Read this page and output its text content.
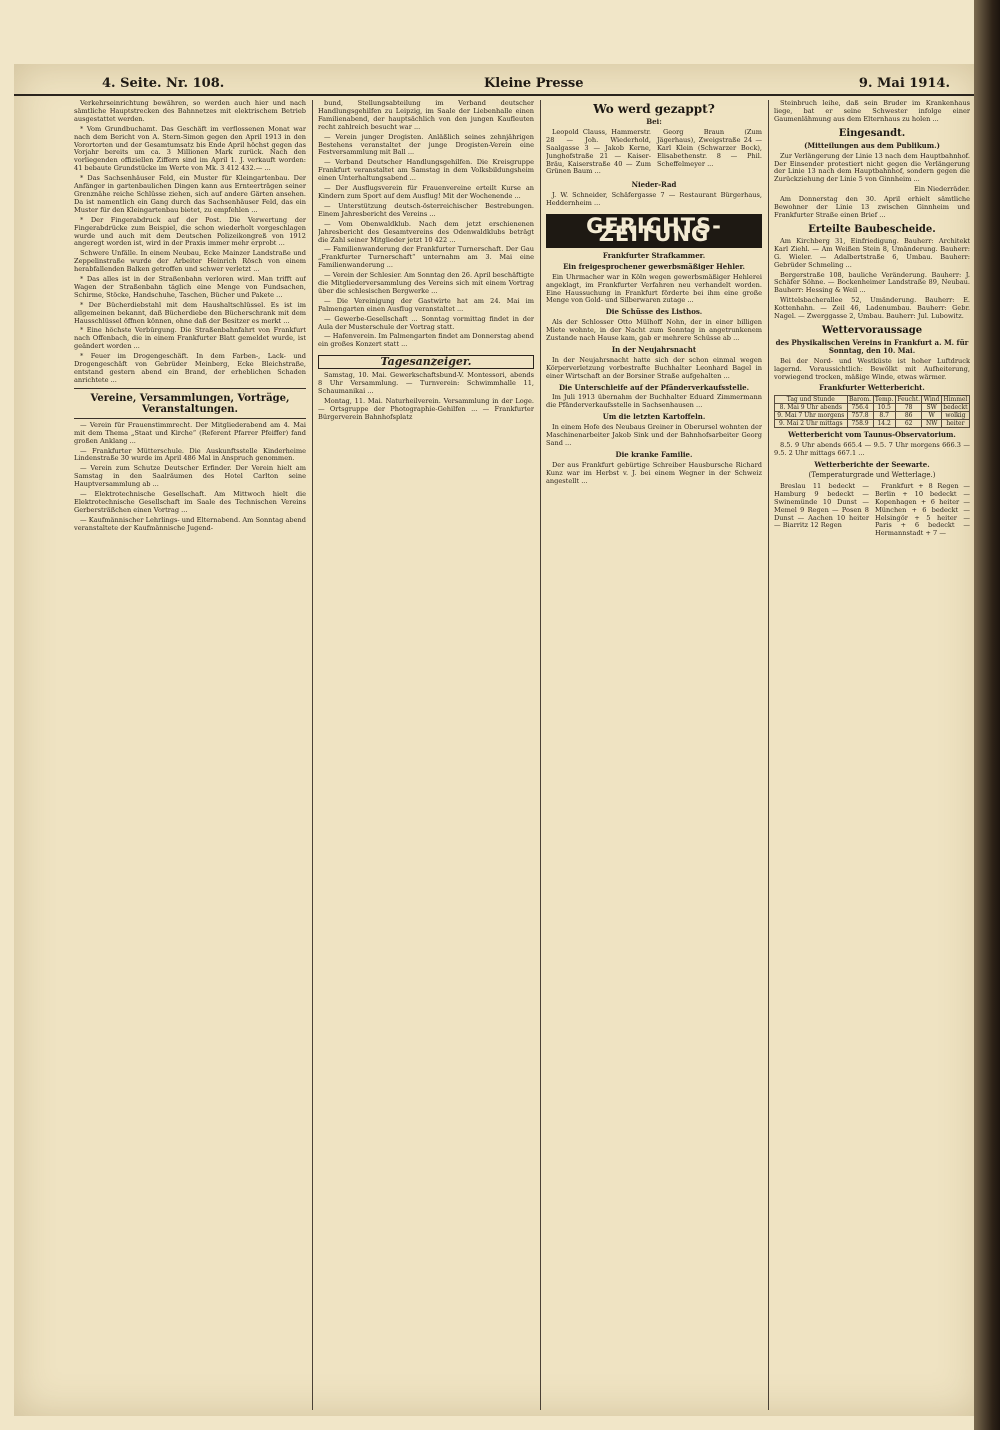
4. Seite. Nr. 108.	Kleine Presse	9. Mai 1914.

Verkehrseinrichtung bewähren, so werden auch hier und nach sämtliche Hauptstrecken des Bahnnetzes mit elektrischem Betrieb ausgestattet werden.

* Vom Grundbuchamt. Das Geschäft im verflossenen Monat war nach dem Bericht von A. Stern-Simon gegen den April 1913 in den Vorortorten und der Gesamtumsatz bis Ende April höchst gegen das Vorjahr bereits um ca. 3 Millionen Mark zurück. Nach den vorliegenden offiziellen Ziffern sind im April 1. J. verkauft worden: 41 bebaute Grundstücke im Werte von Mk. 3 412 432.— ...

* Das Sachsenhäuser Feld, ein Muster für Kleingartenbau. Der Anfänger in gartenbaulichen Dingen kann aus Ernteerträgen seiner Grenznähe reiche Schlüsse ziehen, sich auf andere Gärten ansehen. Da ist namentlich ein Gang durch das Sachsenhäuser Feld, das ein Muster für den Kleingartenbau bietet, zu empfehlen ...

* Der Fingerabdruck auf der Post. Die Verwertung der Fingerabdrücke zum Beispiel, die schon wiederholt vorgeschlagen wurde und auch mit dem Deutschen Polizeikongreß von 1912 angeregt worden ist, wird in der Praxis immer mehr erprobt ...

Schwere Unfälle. In einem Neubau, Ecke Mainzer Landstraße und Zeppelinstraße wurde der Arbeiter Heinrich Rösch von einem herabfallenden Balken getroffen und schwer verletzt ...

* Das alles ist in der Straßenbahn verloren wird. Man trifft auf Wagen der Straßenbahn täglich eine Menge von Fundsachen, Schirme, Stöcke, Handschuhe, Taschen, Bücher und Pakete ...

* Der Bücherdiebstahl mit dem Haushaltschlüssel. Es ist im allgemeinen bekannt, daß Bücherdiebe den Bücherschrank mit dem Hausschlüssel öffnen können, ohne daß der Besitzer es merkt ...

* Eine höchste Verbürgung. Die Straßenbahnfahrt von Frankfurt nach Offenbach, die in einem Frankfurter Blatt gemeldet wurde, ist geändert worden ...

* Feuer im Drogengeschäft. In dem Farben-, Lack- und Drogengeschäft von Gebrüder Meinberg, Ecke Bleichstraße, entstand gestern abend ein Brand, der erheblichen Schaden anrichtete ...

Vereine, Versammlungen, Vorträge, Veranstaltungen.

— Verein für Frauenstimmrecht. Der Mitgliederabend am 4. Mai mit dem Thema „Staat und Kirche“ (Referent Pfarrer Pfeiffer) fand großen Anklang ...

— Frankfurter Mütterschule. Die Auskunftsstelle Kinderheime Lindenstraße 30 wurde im April 486 Mal in Anspruch genommen.

— Verein zum Schutze Deutscher Erfinder. Der Verein hielt am Samstag in den Saalräumen des Hotel Carlton seine Hauptversammlung ab ...

— Elektrotechnische Gesellschaft. Am Mittwoch hielt die Elektrotechnische Gesellschaft im Saale des Technischen Vereins Gerbersträßchen einen Vortrag ...

— Kaufmännischer Lehrlings- und Elternabend. Am Sonntag abend veranstaltete der Kaufmännische Jugend-

bund, Stellungsabteilung im Verband deutscher Handlungsgehilfen zu Leipzig, im Saale der Liebenhalle einen Familienabend, der hauptsächlich von den jungen Kaufleuten recht zahlreich besucht war ...

— Verein junger Drogisten. Anläßlich seines zehnjährigen Bestehens veranstaltet der junge Drogisten-Verein eine Festversammlung mit Ball ...

— Verband Deutscher Handlungsgehilfen. Die Kreisgruppe Frankfurt veranstaltet am Samstag in dem Volksbildungsheim einen Unterhaltungsabend ...

— Der Ausflugsverein für Frauenvereine erteilt Kurse an Kindern zum Sport auf dem Ausflug! Mit der Wochenende ...

— Unterstützung deutsch-österreichischer Bestrebungen. Einem Jahresbericht des Vereins ...

— Vom Obenwaldklub. Nach dem jetzt erschienenen Jahresbericht des Gesamtvereins des Odenwaldklubs beträgt die Zahl seiner Mitglieder jetzt 10 422 ...

— Familienwanderung der Frankfurter Turnerschaft. Der Gau „Frankfurter Turnerschaft“ unternahm am 3. Mai eine Familienwanderung ...

— Verein der Schlesier. Am Sonntag den 26. April beschäftigte die Mitgliederversammlung des Vereins sich mit einem Vortrag über die schlesischen Bergwerke ...

— Die Vereinigung der Gastwirte hat am 24. Mai im Palmengarten einen Ausflug veranstaltet ...

— Gewerbe-Gesellschaft ... Sonntag vormittag findet in der Aula der Musterschule der Vortrag statt.

— Hafenverein. Im Palmengarten findet am Donnerstag abend ein großes Konzert statt ...

Tagesanzeiger.

Samstag, 10. Mai. Gewerkschaftsbund-V. Montessori, abends 8 Uhr Versammlung. — Turnverein: Schwimmhalle 11, Schaumanikai ...

Montag, 11. Mai. Naturheilverein. Versammlung in der Loge. — Ortsgruppe der Photographie-Gehilfen ... — Frankfurter Bürgerverein Bahnhofsplatz

Wo werd gezappt?
Bei:

Leopold Clauss, Hammerstr. 28 — Joh. Wiederhold, Saalgasse 3 — Jakob Kerne, Junghofstraße 21 — Kaiser-Bräu, Kaiserstraße 40 — Zum Grünen Baum ...

Georg Braun (Zum Jägerhaus), Zweigstraße 24 — Karl Klein (Schwarzer Bock), Elisabethenstr. 8 — Phil. Scheffelmeyer ...

Nieder-Rad

J. W. Schneider, Schäfergasse 7 — Restaurant Bürgerhaus, Heddernheim ...

GERICHTS-ZEITUNG
Frankfurter Strafkammer.
Ein freigesprochener gewerbsmäßiger Hehler.

Ein Uhrmacher war in Köln wegen gewerbsmäßiger Hehlerei angeklagt, im Frankfurter Verfahren neu verhandelt worden. Eine Haussuchung in Frankfurt förderte bei ihm eine große Menge von Gold- und Silberwaren zutage ...

Die Schüsse des Listhos.

Als der Schlosser Otto Mülhoff Nohn, der in einer billigen Miete wohnte, in der Nacht zum Sonntag in angetrunkenem Zustande nach Hause kam, gab er mehrere Schüsse ab ...

In der Neujahrsnacht

In der Neujahrsnacht hatte sich der schon einmal wegen Körperverletzung vorbestrafte Buchhalter Leonhard Bagel in einer Wirtschaft an der Borsiner Straße aufgehalten ...

Die Unterschleife auf der Pfänderverkaufsstelle.

Im Juli 1913 übernahm der Buchhalter Eduard Zimmermann die Pfänderverkaufsstelle in Sachsenhausen ...

Um die letzten Kartoffeln.

In einem Hofe des Neubaus Greiner in Oberursel wohnten der Maschinenarbeiter Jakob Sink und der Bahnhofsarbeiter Georg Sand ...

Die kranke Familie.

Der aus Frankfurt gebürtige Schreiber Hausbursche Richard Kunz war im Herbst v. J. bei einem Wegner in der Schweiz angestellt ...

Steinbruch leihe, daß sein Bruder im Krankenhaus liege, bat er seine Schwester infolge einer Gaumenlähmung aus dem Elternhaus zu holen ...

Eingesandt.
(Mitteilungen aus dem Publikum.)

Zur Verlängerung der Linie 13 nach dem Hauptbahnhof. Der Einsender protestiert nicht gegen die Verlängerung der Linie 13 nach dem Hauptbahnhof, sondern gegen die Zurückziehung der Linie 5 von Ginnheim ...

Ein Niederräder.

Am Donnerstag den 30. April erhielt sämtliche Bewohner der Linie 13 zwischen Ginnheim und Frankfurter Straße einen Brief ...

Erteilte Baubescheide.

Am Kirchberg 31, Einfriedigung. Bauherr: Architekt Karl Ziehl. — Am Weißen Stein 8, Umänderung. Bauherr: G. Wieler. — Adalbertstraße 6, Umbau. Bauherr: Gebrüder Schmeling ...

Bergerstraße 108, bauliche Veränderung. Bauherr: J. Schäfer Söhne. — Bockenheimer Landstraße 89, Neubau. Bauherr: Hessing & Weil ...

Wittelsbacherallee 52, Umänderung. Bauherr: E. Kottenhahn. — Zeil 46, Ladenumbau. Bauherr: Gebr. Nagel. — Zwerggasse 2, Umbau. Bauherr: Jul. Lubowitz.

Wettervoraussage
des Physikalischen Vereins in Frankfurt a. M. für Sonntag, den 10. Mai.

Bei der Nord- und Westküste ist hoher Luftdruck lagernd. Voraussichtlich: Bewölkt mit Aufheiterung, vorwiegend trocken, mäßige Winde, etwas wärmer.

Frankfurter Wetterbericht.
Tag und Stunde	Barom.	Temp.	Feucht.	Wind	Himmel
8. Mai 9 Uhr abends	756.4	10.5	78	SW	bedeckt
9. Mai 7 Uhr morgens	757.8	8.7	86	W	wolkig
9. Mai 2 Uhr mittags	758.9	14.2	62	NW	heiter
Wetterbericht vom Taunus-Observatorium.

8.5. 9 Uhr abends 665.4 — 9.5. 7 Uhr morgens 666.3 — 9.5. 2 Uhr mittags 667.1 ...

Wetterberichte der Seewarte.
(Temperaturgrade und Wetterlage.)

Breslau 11 bedeckt — Hamburg 9 bedeckt — Swinemünde 10 Dunst — Memel 9 Regen — Posen 8 Dunst — Aachen 10 heiter — Biarritz 12 Regen

Frankfurt + 8 Regen — Berlin + 10 bedeckt — Kopenhagen + 6 heiter — München + 6 bedeckt — Helsingör + 5 heiter — Paris + 6 bedeckt — Hermannstadt + 7 —
